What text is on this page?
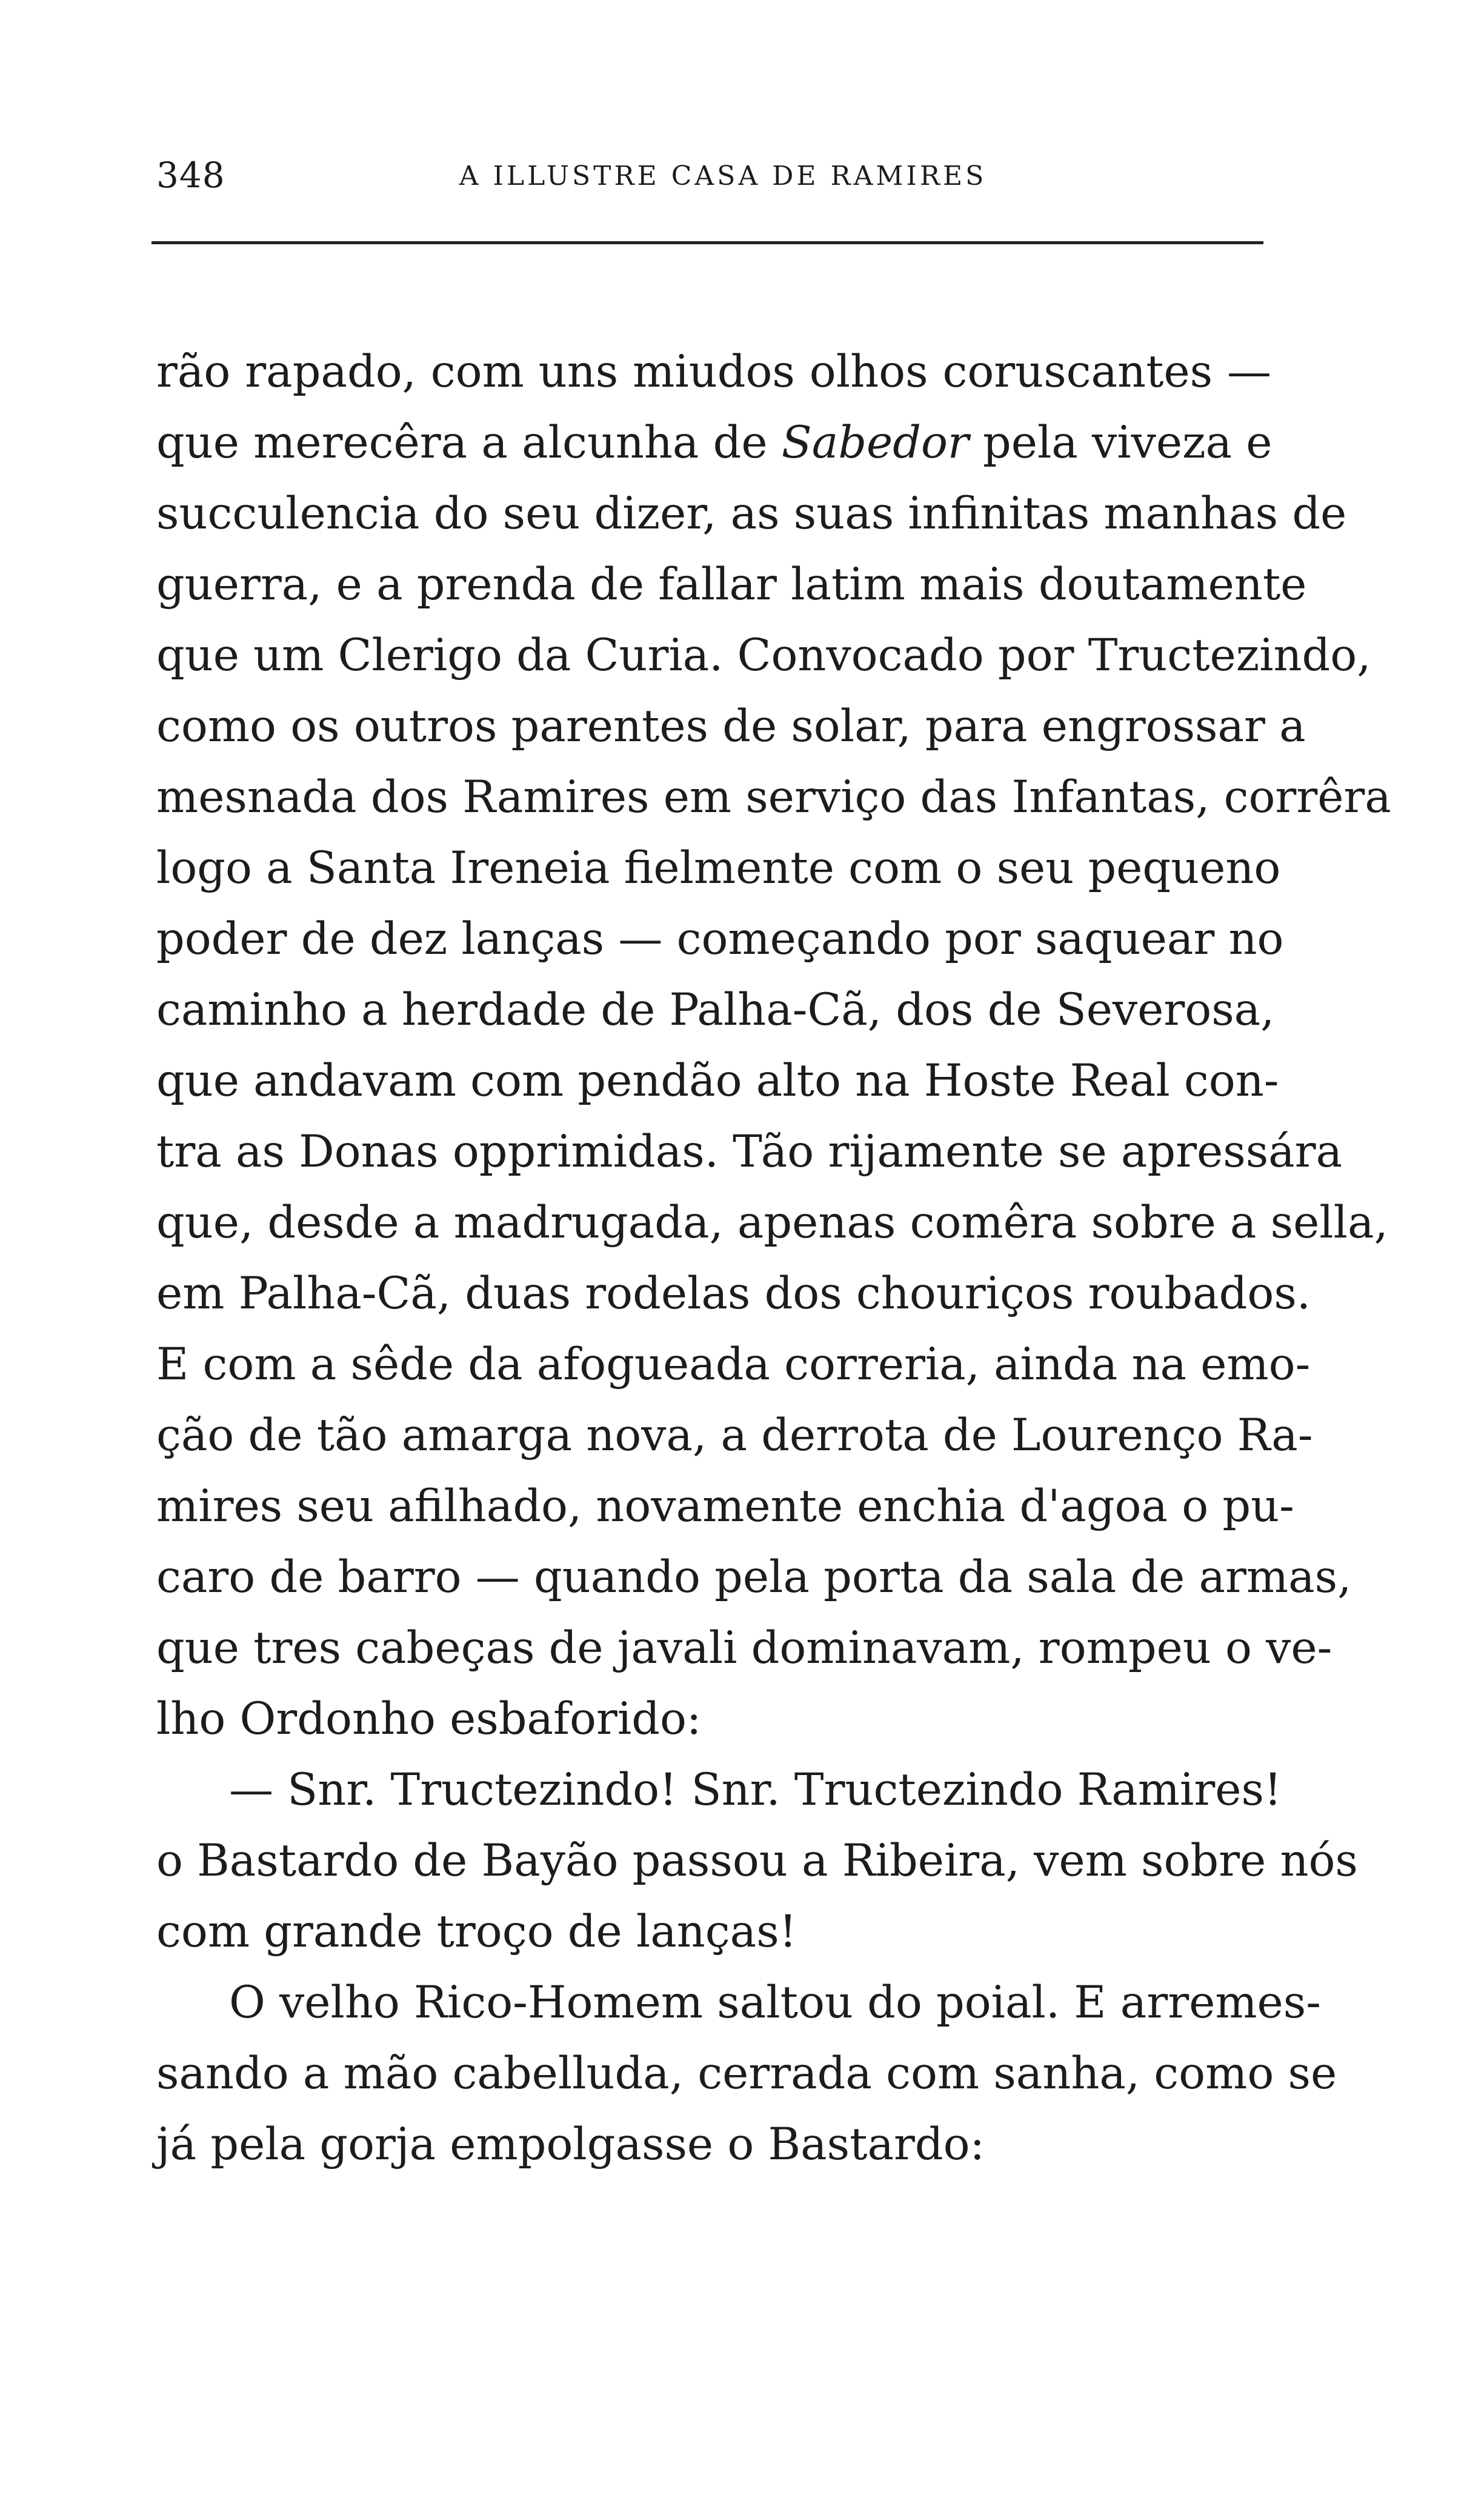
348	A ILLUSTRE CASA DE RAMIRES
rão rapado, com uns miudos olhos coruscantes —
que merecêra a alcunha de Sabedor pela viveza e
succulencia do seu dizer, as suas infinitas manhas de
guerra, e a prenda de fallar latim mais doutamente
que um Clerigo da Curia. Convocado por Tructezindo,
como os outros parentes de solar, para engrossar a
mesnada dos Ramires em serviço das Infantas, corrêra
logo a Santa Ireneia fielmente com o seu pequeno
poder de dez lanças — começando por saquear no
caminho a herdade de Palha-Cã, dos de Severosa,
que andavam com pendão alto na Hoste Real con-
tra as Donas opprimidas. Tão rijamente se apressára
que, desde a madrugada, apenas comêra sobre a sella,
em Palha-Cã, duas rodelas dos chouriços roubados.
E com a sêde da afogueada correria, ainda na emo-
ção de tão amarga nova, a derrota de Lourenço Ra-
mires seu afilhado, novamente enchia d'agoa o pu-
caro de barro — quando pela porta da sala de armas,
que tres cabeças de javali dominavam, rompeu o ve-
lho Ordonho esbaforido:
— Snr. Tructezindo! Snr. Tructezindo Ramires!
o Bastardo de Bayão passou a Ribeira, vem sobre nós
com grande troço de lanças!
O velho Rico-Homem saltou do poial. E arremes-
sando a mão cabelluda, cerrada com sanha, como se
já pela gorja empolgasse o Bastardo:
